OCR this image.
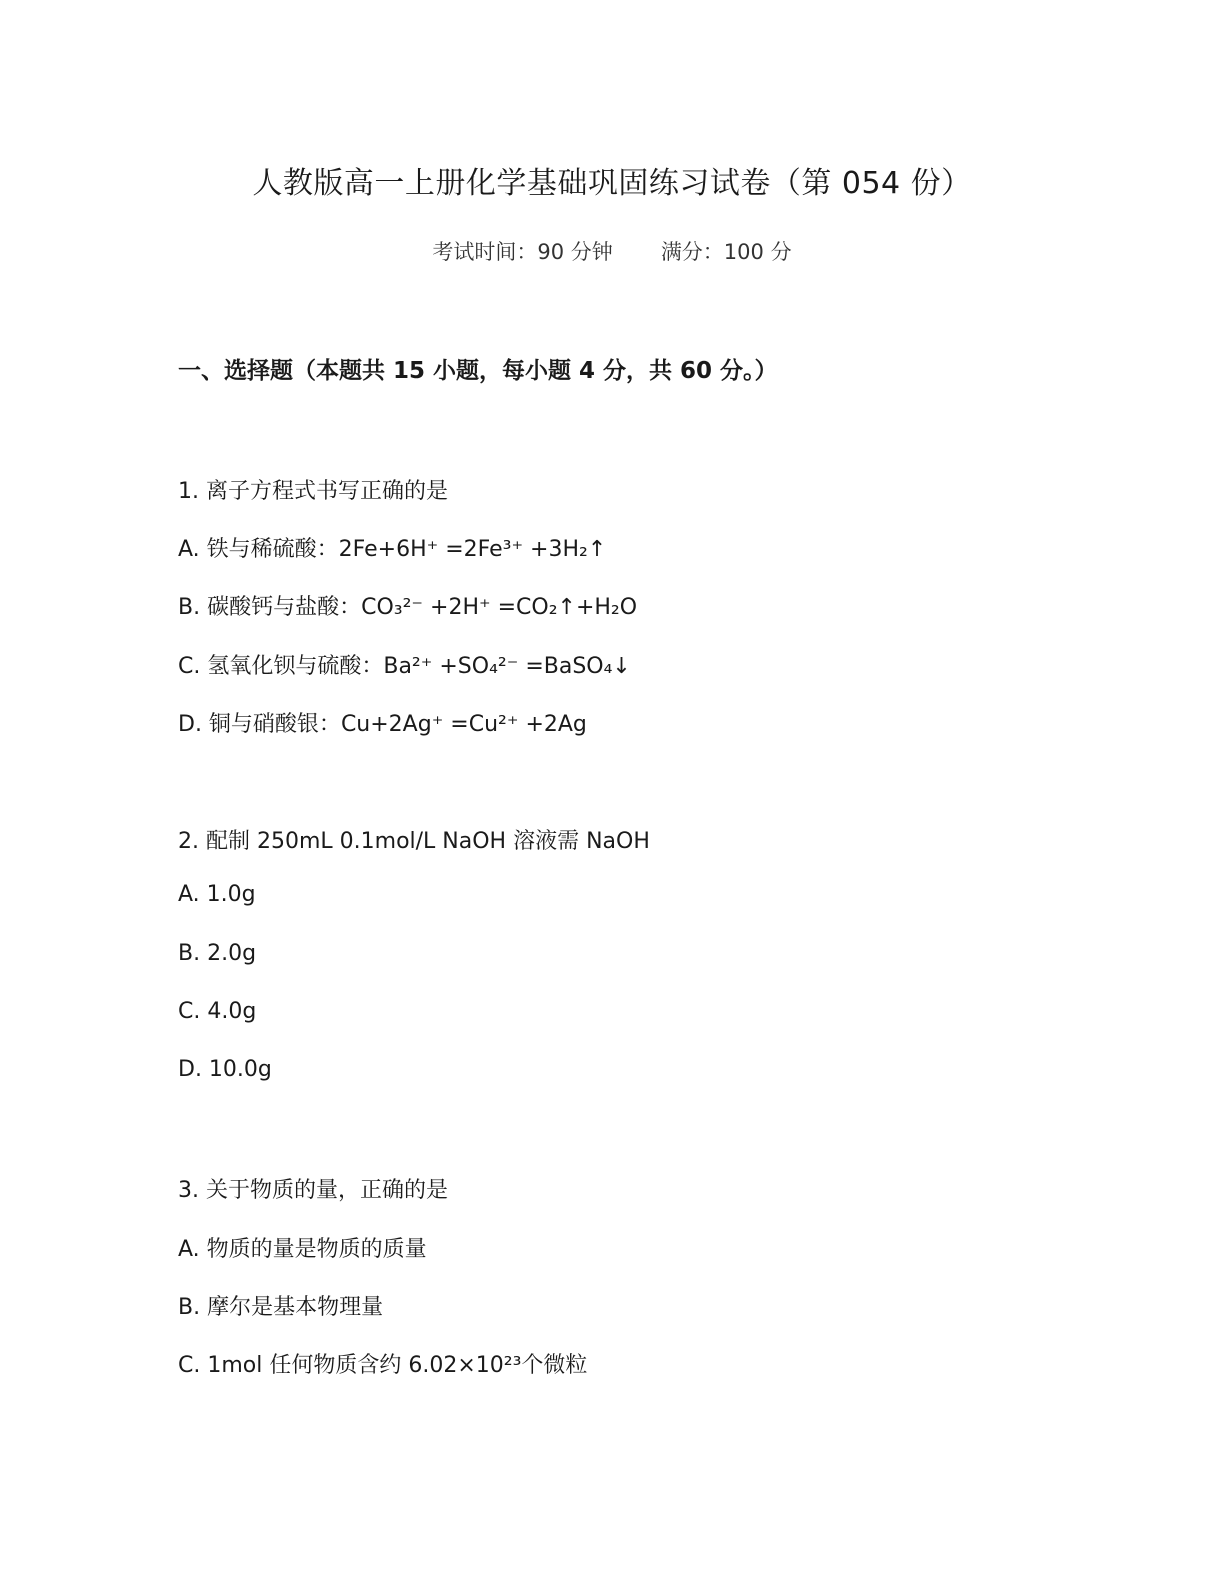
人教版高一上册化学基础巩固练习试卷（第 054 份）
考试时间：90 分钟 满分：100 分
一、选择题（本题共 15 小题，每小题 4 分，共 60 分。）
1. 离子方程式书写正确的是
A. 铁与稀硫酸：2Fe+6H⁺ =2Fe³⁺ +3H₂↑
B. 碳酸钙与盐酸：CO₃²⁻ +2H⁺ =CO₂↑+H₂O
C. 氢氧化钡与硫酸：Ba²⁺ +SO₄²⁻ =BaSO₄↓
D. 铜与硝酸银：Cu+2Ag⁺ =Cu²⁺ +2Ag
2. 配制 250mL 0.1mol/L NaOH 溶液需 NaOH
A. 1.0g
B. 2.0g
C. 4.0g
D. 10.0g
3. 关于物质的量，正确的是
A. 物质的量是物质的质量
B. 摩尔是基本物理量
C. 1mol 任何物质含约 6.02×10²³个微粒
